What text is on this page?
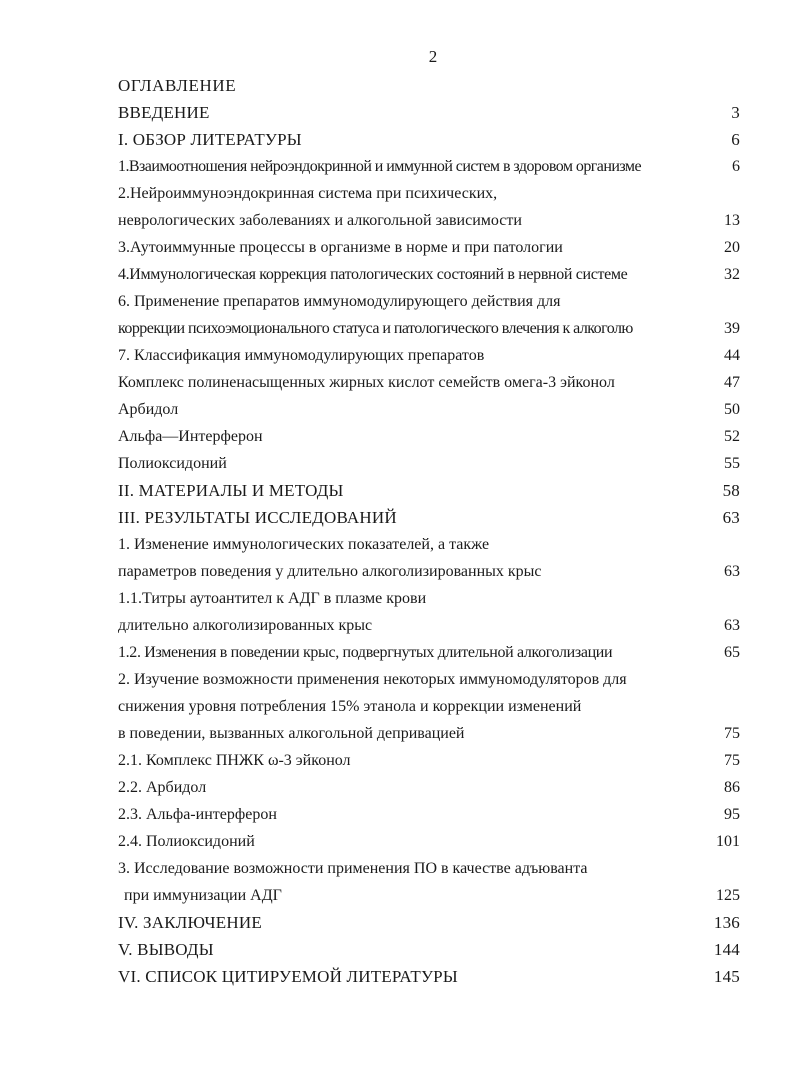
2
ОГЛАВЛЕНИЕ
ВВЕДЕНИЕ	3
I. ОБЗОР ЛИТЕРАТУРЫ	6
1.Взаимоотношения нейроэндокринной и иммунной систем в здоровом организме	6
2.Нейроиммуноэндокринная система при психических,
неврологических заболеваниях и алкогольной зависимости	13
3.Аутоиммунные процессы в организме в норме и при патологии	20
4.Иммунологическая коррекция патологических состояний в нервной системе	32
6. Применение препаратов иммуномодулирующего действия для
коррекции психоэмоционального статуса и патологического влечения к алкоголю	39
7. Классификация иммуномодулирующих препаратов	44
Комплекс полиненасыщенных жирных кислот семейств омега-3 эйконол	47
Арбидол	50
Альфа—Интерферон	52
Полиоксидоний	55
II. МАТЕРИАЛЫ И МЕТОДЫ	58
III. РЕЗУЛЬТАТЫ ИССЛЕДОВАНИЙ	63
1. Изменение иммунологических показателей, а также
параметров поведения у длительно алкоголизированных крыс	63
1.1.Титры аутоантител к АДГ в плазме крови
длительно алкоголизированных крыс	63
1.2. Изменения в поведении крыс, подвергнутых длительной алкоголизации	65
2. Изучение возможности применения некоторых иммуномодуляторов для
снижения уровня потребления 15% этанола и коррекции изменений
в поведении, вызванных алкогольной депривацией	75
2.1. Комплекс ПНЖК ω-3 эйконол	75
2.2. Арбидол	86
2.3. Альфа-интерферон	95
2.4. Полиоксидоний	101
3. Исследование возможности применения ПО в качестве адъюванта
при иммунизации АДГ	125
IV. ЗАКЛЮЧЕНИЕ	136
V. ВЫВОДЫ	144
VI. СПИСОК ЦИТИРУЕМОЙ ЛИТЕРАТУРЫ	145
